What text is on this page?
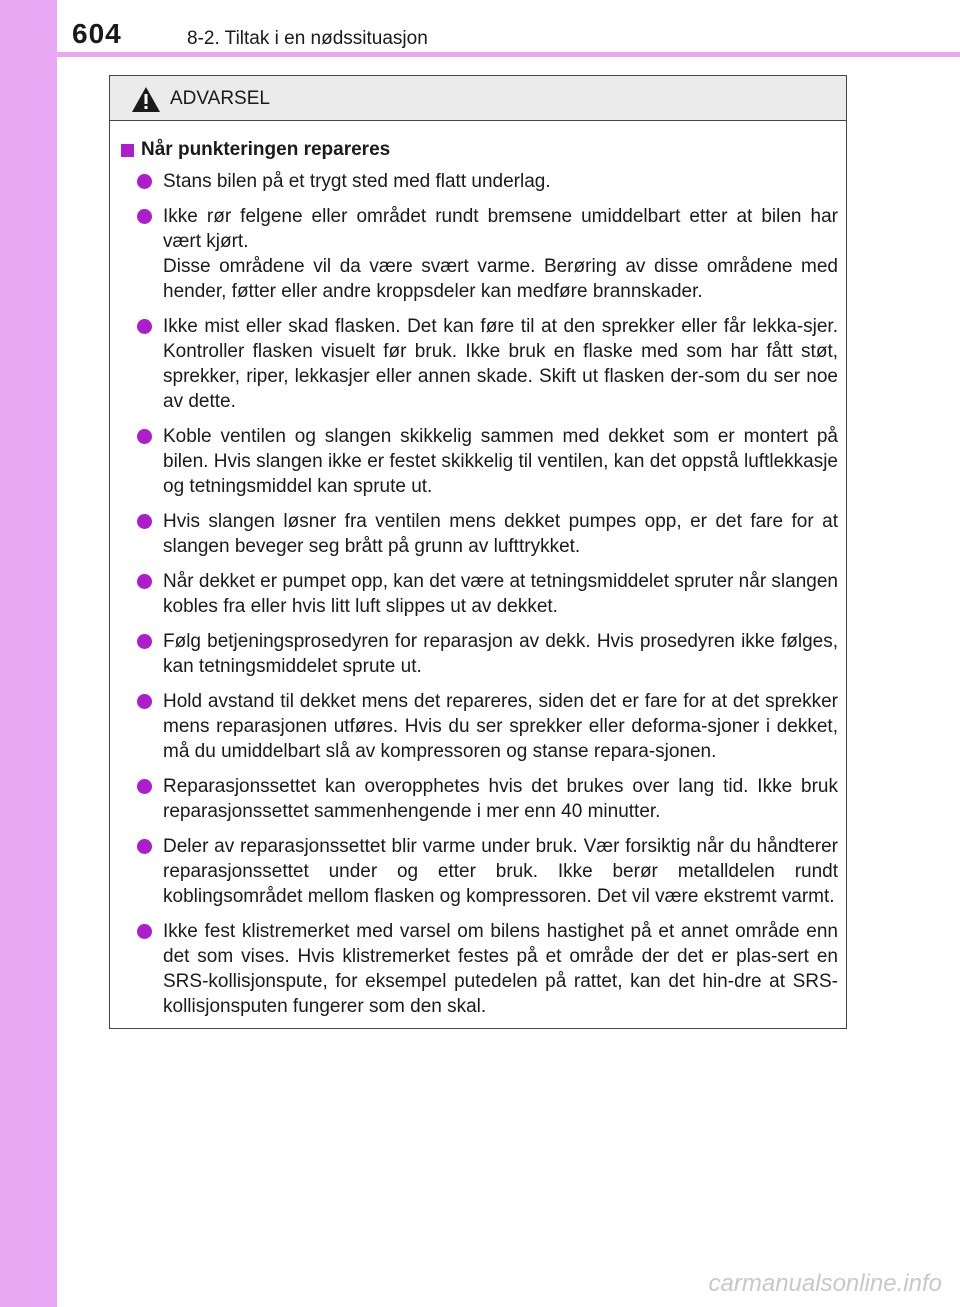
604	8-2. Tiltak i en nødssituasjon
ADVARSEL
Når punkteringen repareres
Stans bilen på et trygt sted med flatt underlag.
Ikke rør felgene eller området rundt bremsene umiddelbart etter at bilen har vært kjørt.
Disse områdene vil da være svært varme. Berøring av disse områdene med hender, føtter eller andre kroppsdeler kan medføre brannskader.
Ikke mist eller skad flasken. Det kan føre til at den sprekker eller får lekka-sjer. Kontroller flasken visuelt før bruk. Ikke bruk en flaske med som har fått støt, sprekker, riper, lekkasjer eller annen skade. Skift ut flasken der-som du ser noe av dette.
Koble ventilen og slangen skikkelig sammen med dekket som er montert på bilen. Hvis slangen ikke er festet skikkelig til ventilen, kan det oppstå luftlekkasje og tetningsmiddel kan sprute ut.
Hvis slangen løsner fra ventilen mens dekket pumpes opp, er det fare for at slangen beveger seg brått på grunn av lufttrykket.
Når dekket er pumpet opp, kan det være at tetningsmiddelet spruter når slangen kobles fra eller hvis litt luft slippes ut av dekket.
Følg betjeningsprosedyren for reparasjon av dekk. Hvis prosedyren ikke følges, kan tetningsmiddelet sprute ut.
Hold avstand til dekket mens det repareres, siden det er fare for at det sprekker mens reparasjonen utføres. Hvis du ser sprekker eller deforma-sjoner i dekket, må du umiddelbart slå av kompressoren og stanse repara-sjonen.
Reparasjonssettet kan overopphetes hvis det brukes over lang tid. Ikke bruk reparasjonssettet sammenhengende i mer enn 40 minutter.
Deler av reparasjonssettet blir varme under bruk. Vær forsiktig når du håndterer reparasjonssettet under og etter bruk. Ikke berør metalldelen rundt koblingsområdet mellom flasken og kompressoren. Det vil være ekstremt varmt.
Ikke fest klistremerket med varsel om bilens hastighet på et annet område enn det som vises. Hvis klistremerket festes på et område der det er plas-sert en SRS-kollisjonspute, for eksempel putedelen på rattet, kan det hin-dre at SRS-kollisjonsputen fungerer som den skal.
carmanualsonline.info
